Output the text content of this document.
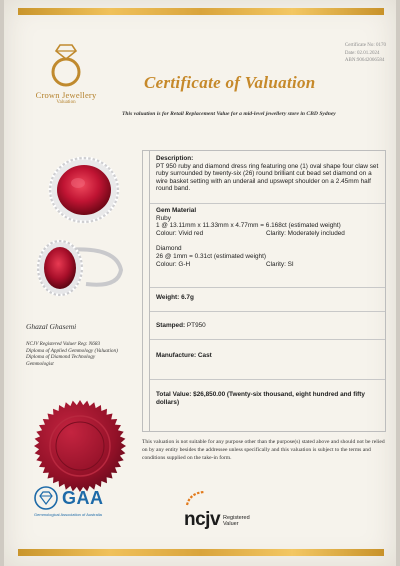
Crown Jewellery
Valuation
Certificate No: 0170
Date: 02.01.2024
ABN:90642066584
Certificate of Valuation
This valuation is for Retail Replacement Value for a mid-level jewellery store in CBD Sydney
Ghazal Ghasemi
NCJV Registered Valuer Reg: N683
Diploma of Applied Gemmology (Valuation)
Diploma of Diamond Technology
Gemmologist
GAA
Gemmological Association of Australia	ncjv Registered
Valuer
Description:
PT 950 ruby and diamond dress ring featuring one (1) oval shape four claw set ruby surrounded by twenty-six (26) round brilliant cut bead set diamond on a wire basket setting with an underail and upswept shoulder on a 2.45mm half round band.
Gem Material
Ruby
1 @ 13.11mm x 11.33mm x 4.77mm = 6.168ct (estimated weight)
Colour: Vivid red	Clarity: Moderately included
Diamond
26 @ 1mm = 0.31ct (estimated weight)
Colour: G-H	Clarity: SI
Weight: 6.7g
Stamped: PT950
Manufacture: Cast
Total Value: $26,850.00 (Twenty-six thousand, eight hundred and fifty dollars)
This valuation is not suitable for any purpose other than the purpose(s) stated above and should not be relied on by any entity besides the addressee unless specifically and this valuation is subject to the terms and conditions supplied on the take-in form.
